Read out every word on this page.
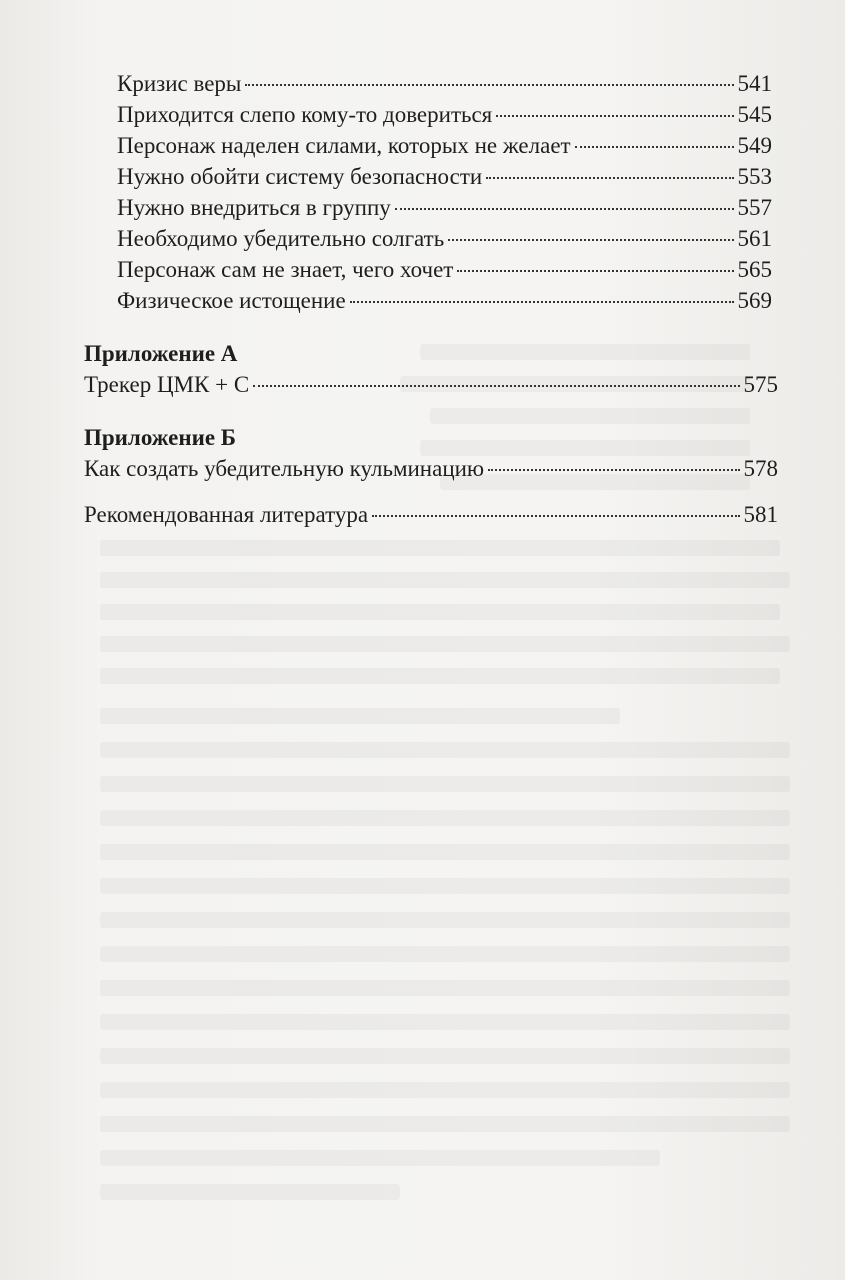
Кризис веры	541
Приходится слепо кому-то довериться	545
Персонаж наделен силами, которых не желает	549
Нужно обойти систему безопасности	553
Нужно внедриться в группу	557
Необходимо убедительно солгать	561
Персонаж сам не знает, чего хочет	565
Физическое истощение	569
Приложение А
Трекер ЦМК + С	575
Приложение Б
Как создать убедительную кульминацию	578
Рекомендованная литература	581
